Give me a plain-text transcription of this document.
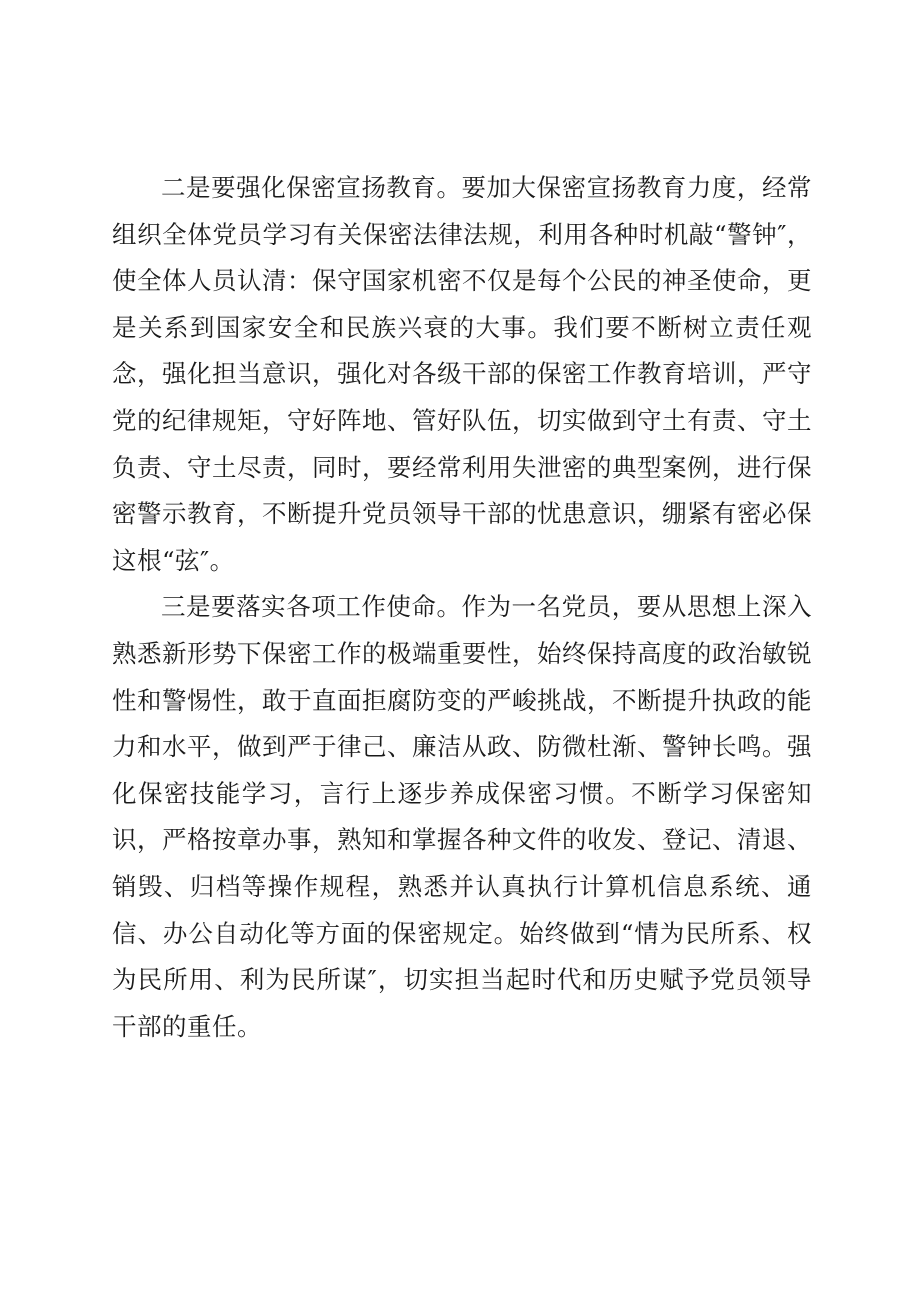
二是要强化保密宣扬教育。要加大保密宣扬教育力度，经常组织全体党员学习有关保密法律法规，利用各种时机敲“警钟″，使全体人员认清：保守国家机密不仅是每个公民的神圣使命，更是关系到国家安全和民族兴衰的大事。我们要不断树立责任观念，强化担当意识，强化对各级干部的保密工作教育培训，严守党的纪律规矩，守好阵地、管好队伍，切实做到守土有责、守土负责、守土尽责，同时，要经常利用失泄密的典型案例，进行保密警示教育，不断提升党员领导干部的忧患意识，绷紧有密必保这根“弦″。

三是要落实各项工作使命。作为一名党员，要从思想上深入熟悉新形势下保密工作的极端重要性，始终保持高度的政治敏锐性和警惕性，敢于直面拒腐防变的严峻挑战，不断提升执政的能力和水平，做到严于律己、廉洁从政、防微杜渐、警钟长鸣。强化保密技能学习，言行上逐步养成保密习惯。不断学习保密知识，严格按章办事，熟知和掌握各种文件的收发、登记、清退、销毁、归档等操作规程，熟悉并认真执行计算机信息系统、通信、办公自动化等方面的保密规定。始终做到“情为民所系、权为民所用、利为民所谋″，切实担当起时代和历史赋予党员领导干部的重任。
